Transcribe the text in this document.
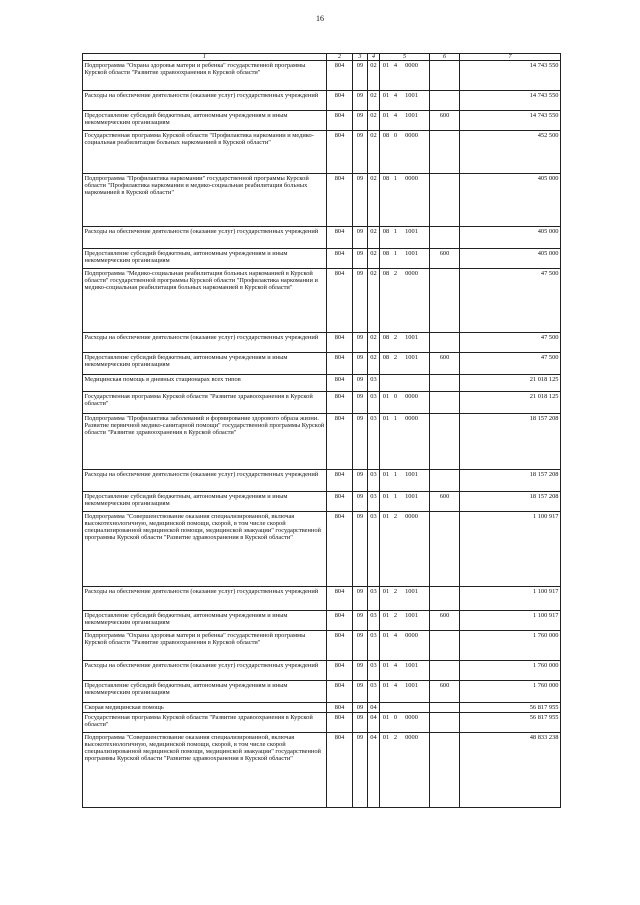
16
1	2	3	4	5	6	7
Подпрограмма "Охрана здоровья матери и ребенка" государственной программы Курской области "Развитие здравоохранения в Курской области"	804	09	02	01 4 0000		14 743 550
Расходы на обеспечение деятельности (оказание услуг) государственных учреждений	804	09	02	01 4 1001		14 743 550
Предоставление субсидий бюджетным, автономным учреждениям и иным некоммерческим организациям	804	09	02	01 4 1001	600	14 743 550
Государственная программа Курской области "Профилактика наркомании и медико-социальная реабилитация больных наркоманией в Курской области"	804	09	02	08 0 0000		452 500
Подпрограмма "Профилактика наркомании" государственной программы Курской области "Профилактика наркомании и медико-социальная реабилитация больных наркоманией в Курской области"	804	09	02	08 1 0000		405 000
Расходы на обеспечение деятельности (оказание услуг) государственных учреждений	804	09	02	08 1 1001		405 000
Предоставление субсидий бюджетным, автономным учреждениям и иным некоммерческим организациям	804	09	02	08 1 1001	600	405 000
Подпрограмма "Медико-социальная реабилитация больных наркоманией в Курской области" государственной программы Курской области "Профилактика наркомании и медико-социальная реабилитация больных наркоманией в Курской области"	804	09	02	08 2 0000		47 500
Расходы на обеспечение деятельности (оказание услуг) государственных учреждений	804	09	02	08 2 1001		47 500
Предоставление субсидий бюджетным, автономным учреждениям и иным некоммерческим организациям	804	09	02	08 2 1001	600	47 500
Медицинская помощь в дневных стационарах всех типов	804	09	03			21 018 125
Государственная программа Курской области "Развитие здравоохранения в Курской области"	804	09	03	01 0 0000		21 018 125
Подпрограмма "Профилактика заболеваний и формирование здорового образа жизни. Развитие первичной медико-санитарной помощи" государственной программы Курской области "Развитие здравоохранения в Курской области"	804	09	03	01 1 0000		18 157 208
Расходы на обеспечение деятельности (оказание услуг) государственных учреждений	804	09	03	01 1 1001		18 157 208
Предоставление субсидий бюджетным, автономным учреждениям и иным некоммерческим организациям	804	09	03	01 1 1001	600	18 157 208
Подпрограмма "Совершенствование оказания специализированной, включая высокотехнологичную, медицинской помощи, скорой, в том числе скорой специализированной медицинской помощи, медицинской эвакуации" государственной программы Курской области "Развитие здравоохранения в Курской области"	804	09	03	01 2 0000		1 100 917
Расходы на обеспечение деятельности (оказание услуг) государственных учреждений	804	09	03	01 2 1001		1 100 917
Предоставление субсидий бюджетным, автономным учреждениям и иным некоммерческим организациям	804	09	03	01 2 1001	600	1 100 917
Подпрограмма "Охрана здоровья матери и ребенка" государственной программы Курской области "Развитие здравоохранения в Курской области"	804	09	03	01 4 0000		1 760 000
Расходы на обеспечение деятельности (оказание услуг) государственных учреждений	804	09	03	01 4 1001		1 760 000
Предоставление субсидий бюджетным, автономным учреждениям и иным некоммерческим организациям	804	09	03	01 4 1001	600	1 760 000
Скорая медицинская помощь	804	09	04			56 817 955
Государственная программа Курской области "Развитие здравоохранения в Курской области"	804	09	04	01 0 0000		56 817 955
Подпрограмма "Совершенствование оказания специализированной, включая высокотехнологичную, медицинской помощи, скорой, в том числе скорой специализированной медицинской помощи, медицинской эвакуации" государственной программы Курской области "Развитие здравоохранения в Курской области"	804	09	04	01 2 0000		48 833 238
